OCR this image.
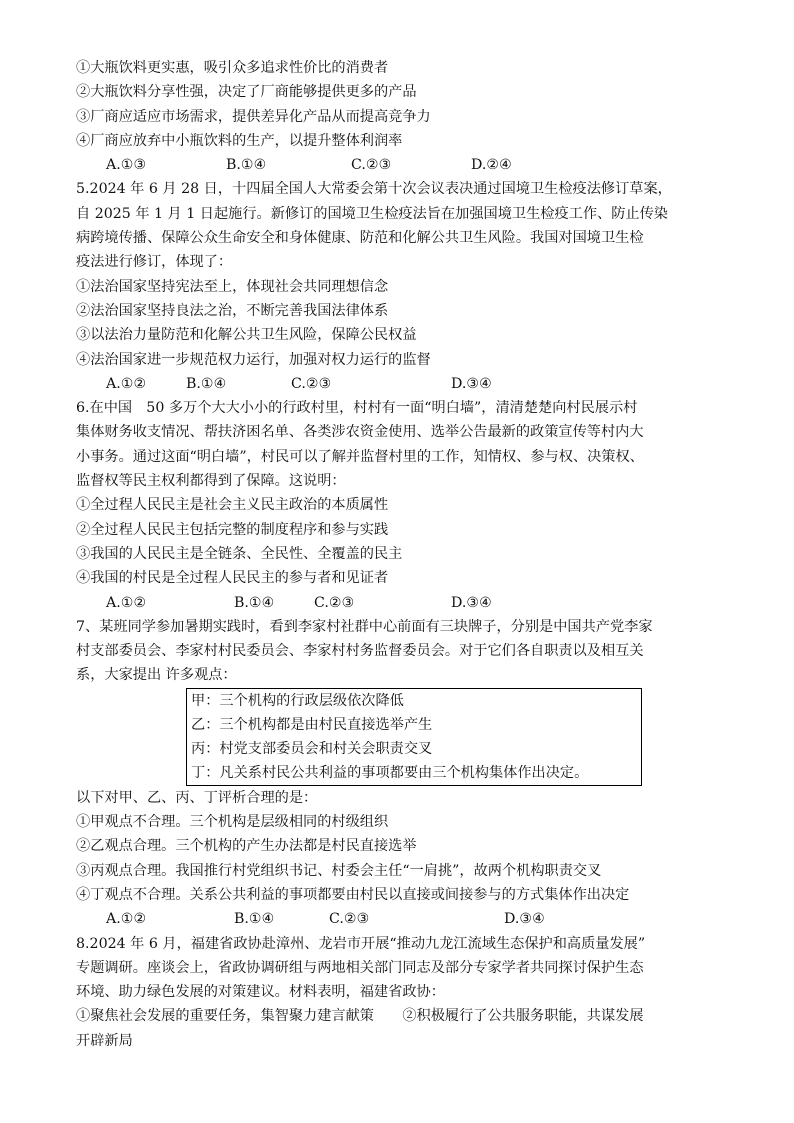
①大瓶饮料更实惠，吸引众多追求性价比的消费者
②大瓶饮料分享性强，决定了厂商能够提供更多的产品
③厂商应适应市场需求，提供差异化产品从而提高竞争力
④厂商应放弃中小瓶饮料的生产，以提升整体利润率
A.①③	B.①④	C.②③	D.②④
5.2024 年 6 月 28 日，十四届全国人大常委会第十次会议表决通过国境卫生检疫法修订草案，
自 2025 年 1 月 1 日起施行。新修订的国境卫生检疫法旨在加强国境卫生检疫工作、防止传染
病跨境传播、保障公众生命安全和身体健康、防范和化解公共卫生风险。我国对国境卫生检
疫法进行修订，体现了：
①法治国家坚持宪法至上，体现社会共同理想信念
②法治国家坚持良法之治，不断完善我国法律体系
③以法治力量防范和化解公共卫生风险，保障公民权益
④法治国家进一步规范权力运行，加强对权力运行的监督
A.①②	B.①④	C.②③	D.③④
6.在中国　50 多万个大大小小的行政村里，村村有一面“明白墙”，清清楚楚向村民展示村
集体财务收支情况、帮扶济困名单、各类涉农资金使用、选举公告最新的政策宣传等村内大
小事务。通过这面“明白墙”，村民可以了解并监督村里的工作，知情权、参与权、决策权、
监督权等民主权利都得到了保障。这说明：
①全过程人民民主是社会主义民主政治的本质属性
②全过程人民民主包括完整的制度程序和参与实践
③我国的人民民主是全链条、全民性、全覆盖的民主
④我国的村民是全过程人民民主的参与者和见证者
A.①②	B.①④	C.②③	D.③④
7、某班同学参加暑期实践时，看到李家村社群中心前面有三块牌子，分别是中国共产党李家
村支部委员会、李家村村民委员会、李家村村务监督委员会。对于它们各自职责以及相互关
系，大家提出 许多观点：
甲：三个机构的行政层级依次降低
乙：三个机构都是由村民直接选举产生
丙：村党支部委员会和村关会职责交叉
丁：凡关系村民公共利益的事项都要由三个机构集体作出决定。
以下对甲、乙、丙、丁评析合理的是：
①甲观点不合理。三个机构是层级相同的村级组织
②乙观点合理。三个机构的产生办法都是村民直接选举
③丙观点合理。我国推行村党组织书记、村委会主任“一肩挑”，故两个机构职责交叉
④丁观点不合理。关系公共利益的事项都要由村民以直接或间接参与的方式集体作出决定
A.①②	B.①④	C.②③	D.③④
8.2024 年 6 月，福建省政协赴漳州、龙岩市开展“推动九龙江流域生态保护和高质量发展”
专题调研。座谈会上，省政协调研组与两地相关部门同志及部分专家学者共同探讨保护生态
环境、助力绿色发展的对策建议。材料表明，福建省政协：
①聚焦社会发展的重要任务，集智聚力建言献策　　②积极履行了公共服务职能，共谋发展
开辟新局
